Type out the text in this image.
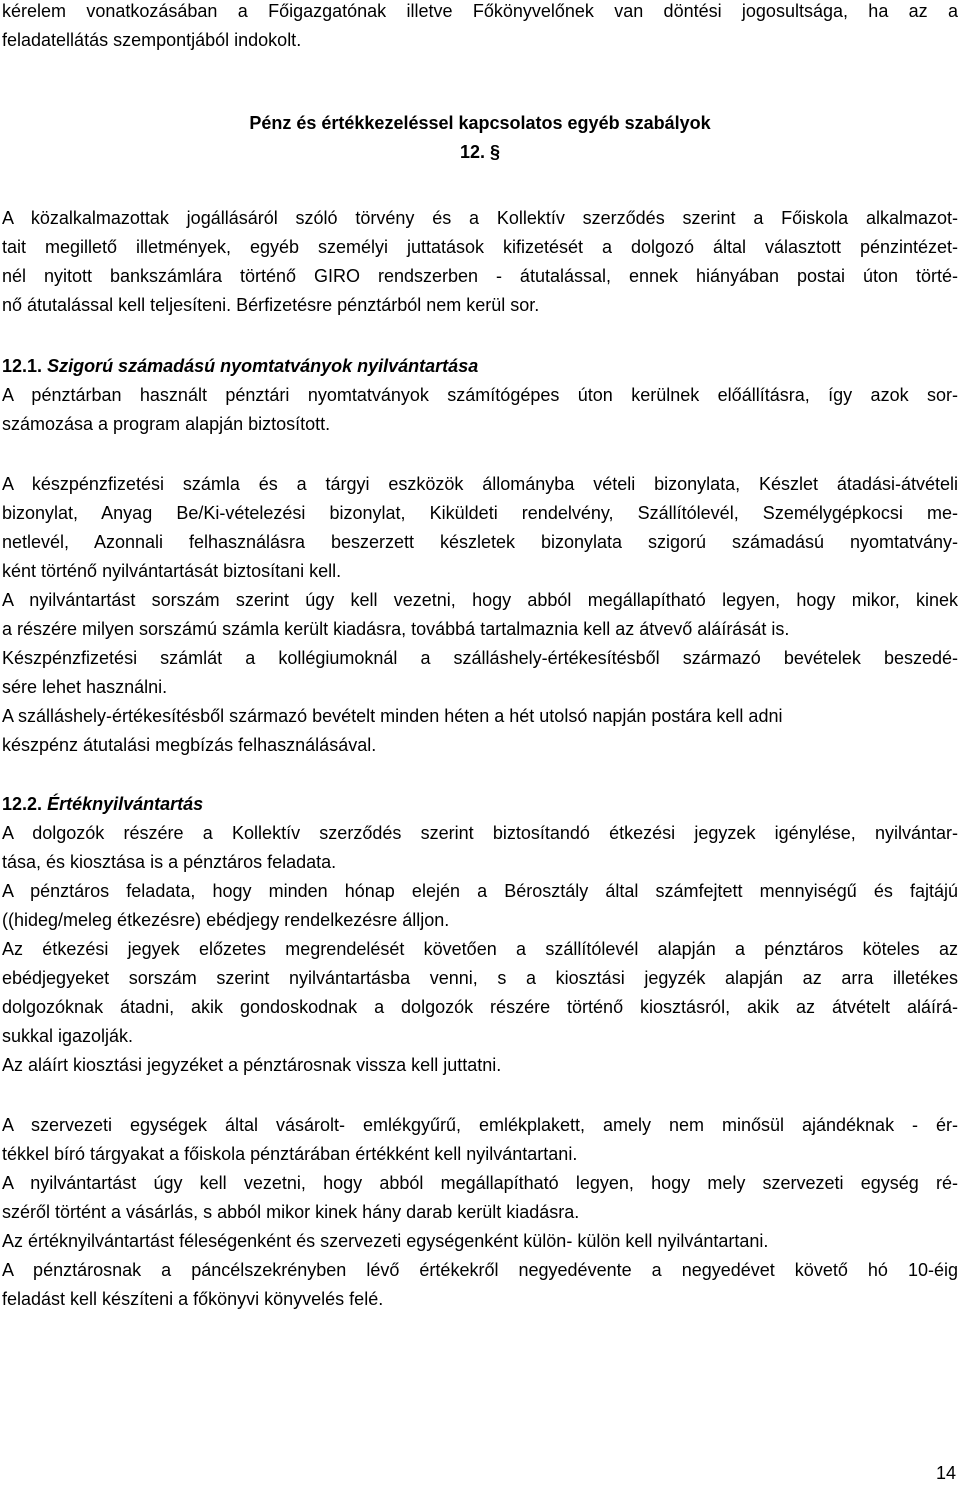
kérelem vonatkozásában a Főigazgatónak illetve Főkönyvelőnek van döntési jogosultsága, ha az a
feladatellátás szempontjából indokolt.
Pénz és értékkezeléssel kapcsolatos egyéb szabályok
12. §
A közalkalmazottak jogállásáról szóló törvény és a Kollektív szerződés szerint a Főiskola alkalmazot-
tait megillető illetmények, egyéb személyi juttatások kifizetését a dolgozó által választott pénzintézet-
nél nyitott bankszámlára történő GIRO rendszerben - átutalással, ennek hiányában postai úton törté-
nő átutalással kell teljesíteni. Bérfizetésre pénztárból nem kerül sor.
12.1. Szigorú számadású nyomtatványok nyilvántartása
A pénztárban használt pénztári nyomtatványok számítógépes úton kerülnek előállításra, így azok sor-
számozása a program alapján biztosított.
A készpénzfizetési számla és a tárgyi eszközök állományba vételi bizonylata, Készlet átadási-átvételi
bizonylat, Anyag Be/Ki-vételezési bizonylat, Kiküldeti rendelvény, Szállítólevél, Személygépkocsi me-
netlevél, Azonnali felhasználásra beszerzett készletek bizonylata szigorú számadású nyomtatvány-
ként történő nyilvántartását biztosítani kell.
A nyilvántartást sorszám szerint úgy kell vezetni, hogy abból megállapítható legyen, hogy mikor, kinek
a részére milyen sorszámú számla került kiadásra, továbbá tartalmaznia kell az átvevő aláírását is.
Készpénzfizetési számlát a kollégiumoknál a szálláshely-értékesítésből származó bevételek beszedé-
sére lehet használni.
A szálláshely-értékesítésből származó bevételt minden héten a hét utolsó napján postára kell adni
készpénz átutalási megbízás felhasználásával.
12.2. Értéknyilvántartás
A dolgozók részére a Kollektív szerződés szerint biztosítandó étkezési jegyzek igénylése, nyilvántar-
tása, és kiosztása is a pénztáros feladata.
A pénztáros feladata, hogy minden hónap elején a Bérosztály által számfejtett mennyiségű és fajtájú
((hideg/meleg étkezésre) ebédjegy rendelkezésre álljon.
Az étkezési jegyek előzetes megrendelését követően a szállítólevél alapján a pénztáros köteles az
ebédjegyeket sorszám szerint nyilvántartásba venni, s a kiosztási jegyzék alapján az arra illetékes
dolgozóknak átadni, akik gondoskodnak a dolgozók részére történő kiosztásról, akik az átvételt aláírá-
sukkal igazolják.
Az aláírt kiosztási jegyzéket a pénztárosnak vissza kell juttatni.
A szervezeti egységek által vásárolt- emlékgyűrű, emlékplakett, amely nem minősül ajándéknak - ér-
tékkel bíró tárgyakat a főiskola pénztárában értékként kell nyilvántartani.
A nyilvántartást úgy kell vezetni, hogy abból megállapítható legyen, hogy mely szervezeti egység ré-
széről történt a vásárlás, s abból mikor kinek hány darab került kiadásra.
Az értéknyilvántartást féleségenként és szervezeti egységenként külön- külön kell nyilvántartani.
A pénztárosnak a páncélszekrényben lévő értékekről negyedévente a negyedévet követő hó 10-éig
feladást kell készíteni a főkönyvi könyvelés felé.
14
